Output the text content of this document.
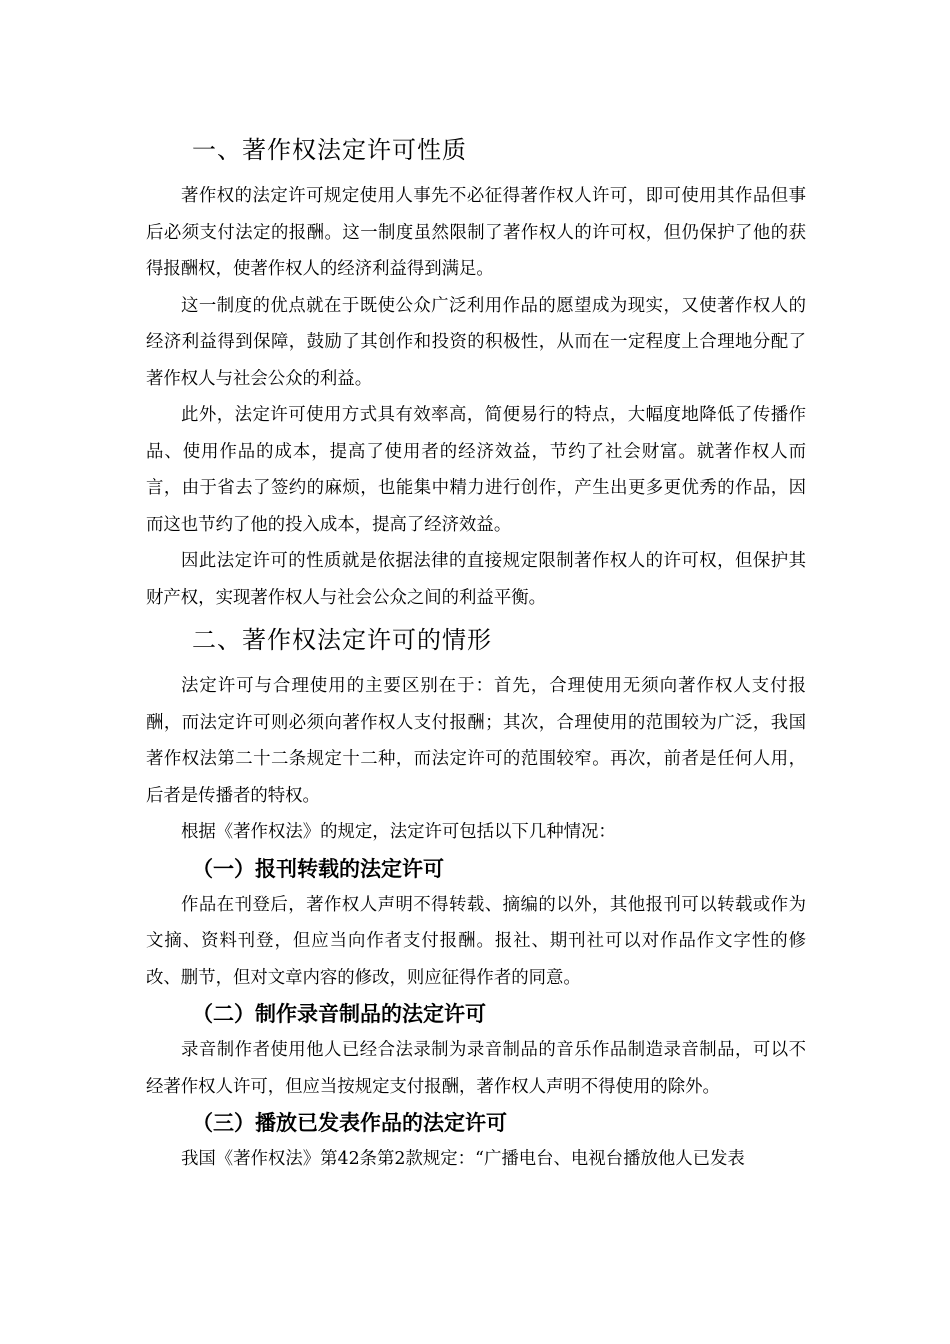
一、著作权法定许可性质

著作权的法定许可规定使用人事先不必征得著作权人许可，即可使用其作品但事后必须支付法定的报酬。这一制度虽然限制了著作权人的许可权，但仍保护了他的获得报酬权，使著作权人的经济利益得到满足。

这一制度的优点就在于既使公众广泛利用作品的愿望成为现实，又使著作权人的经济利益得到保障，鼓励了其创作和投资的积极性，从而在一定程度上合理地分配了著作权人与社会公众的利益。

此外，法定许可使用方式具有效率高，简便易行的特点，大幅度地降低了传播作品、使用作品的成本，提高了使用者的经济效益，节约了社会财富。就著作权人而言，由于省去了签约的麻烦，也能集中精力进行创作，产生出更多更优秀的作品，因而这也节约了他的投入成本，提高了经济效益。

因此法定许可的性质就是依据法律的直接规定限制著作权人的许可权，但保护其财产权，实现著作权人与社会公众之间的利益平衡。

二、著作权法定许可的情形

法定许可与合理使用的主要区别在于：首先，合理使用无须向著作权人支付报酬，而法定许可则必须向著作权人支付报酬；其次，合理使用的范围较为广泛，我国著作权法第二十二条规定十二种，而法定许可的范围较窄。再次，前者是任何人用，后者是传播者的特权。

根据《著作权法》的规定，法定许可包括以下几种情况：

（一）报刊转载的法定许可

作品在刊登后，著作权人声明不得转载、摘编的以外，其他报刊可以转载或作为文摘、资料刊登，但应当向作者支付报酬。报社、期刊社可以对作品作文字性的修改、删节，但对文章内容的修改，则应征得作者的同意。

（二）制作录音制品的法定许可

录音制作者使用他人已经合法录制为录音制品的音乐作品制造录音制品，可以不经著作权人许可，但应当按规定支付报酬，著作权人声明不得使用的除外。

（三）播放已发表作品的法定许可

我国《著作权法》第42条第2款规定：“广播电台、电视台播放他人已发表
